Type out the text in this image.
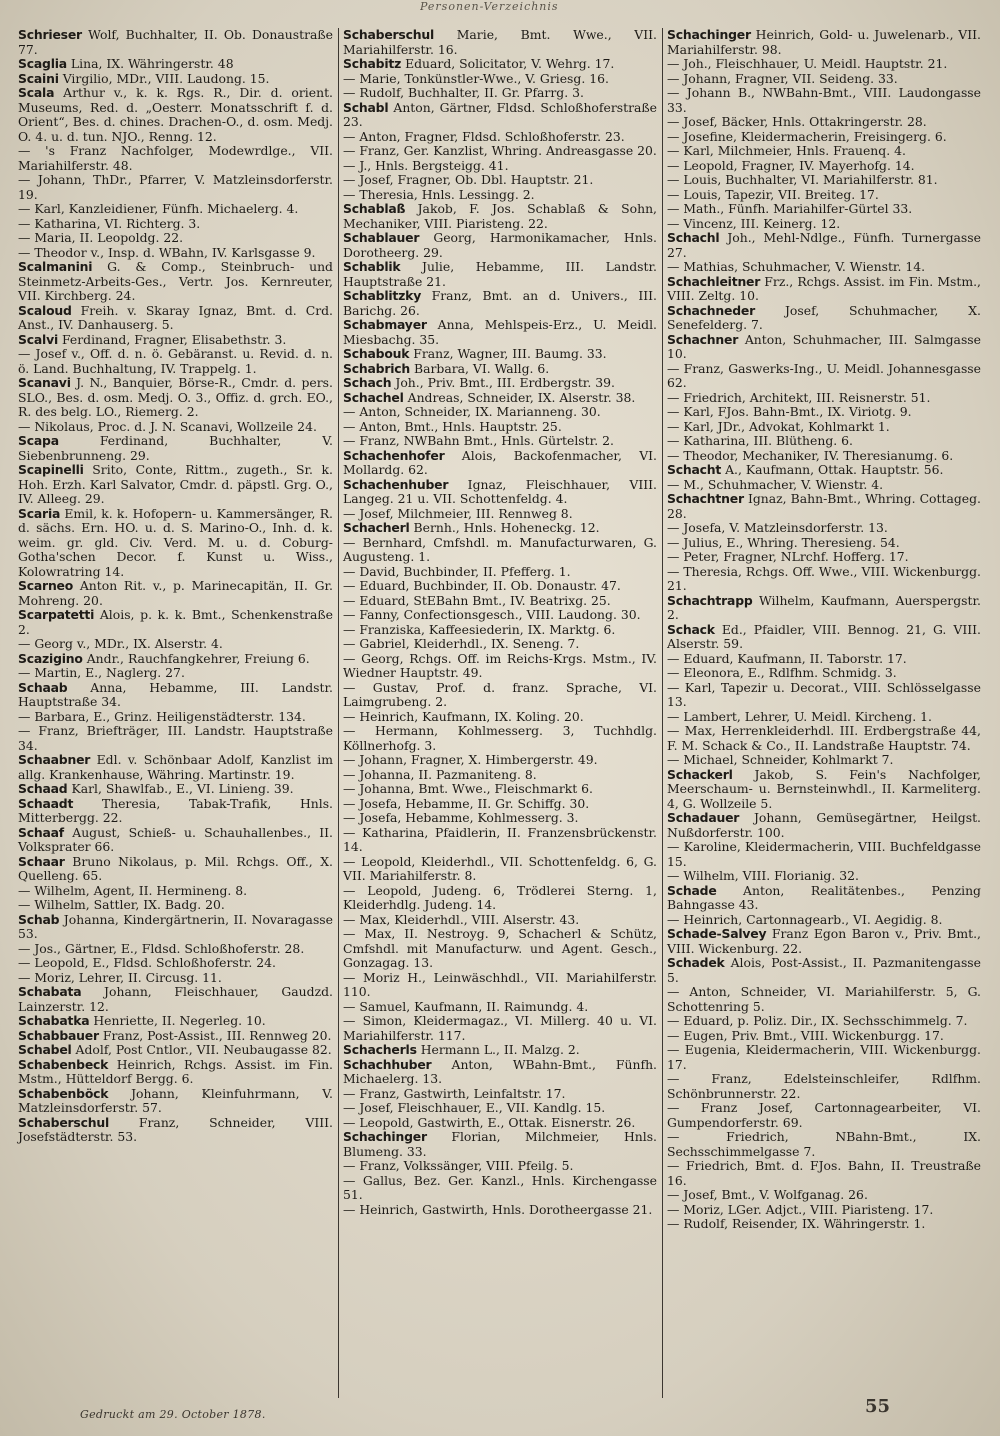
Personen-Verzeichnis

Schrieser Wolf, Buchhalter, II. Ob. Donaustraße 77.

Scaglia Lina, IX. Währingerstr. 48

Scaini Virgilio, MDr., VIII. Laudong. 15.

Scala Arthur v., k. k. Rgs. R., Dir. d. orient. Museums, Red. d. „Oesterr. Monatsschrift f. d. Orient“, Bes. d. chines. Drachen-O., d. osm. Medj. O. 4. u. d. tun. NJO., Renng. 12.

— 's Franz Nachfolger, Modewrdlge., VII. Mariahilferstr. 48.

— Johann, ThDr., Pfarrer, V. Matzleinsdorferstr. 19.

— Karl, Kanzleidiener, Fünfh. Michaelerg. 4.

— Katharina, VI. Richterg. 3.

— Maria, II. Leopoldg. 22.

— Theodor v., Insp. d. WBahn, IV. Karlsgasse 9.

Scalmanini G. & Comp., Steinbruch- und Steinmetz-Arbeits-Ges., Vertr. Jos. Kernreuter, VII. Kirchberg. 24.

Scaloud Freih. v. Skaray Ignaz, Bmt. d. Crd. Anst., IV. Danhauserg. 5.

Scalvi Ferdinand, Fragner, Elisabethstr. 3.

— Josef v., Off. d. n. ö. Gebäranst. u. Revid. d. n. ö. Land. Buchhaltung, IV. Trappelg. 1.

Scanavi J. N., Banquier, Börse-R., Cmdr. d. pers. SLO., Bes. d. osm. Medj. O. 3., Offiz. d. grch. EO., R. des belg. LO., Riemerg. 2.

— Nikolaus, Proc. d. J. N. Scanavi, Wollzeile 24.

Scapa	Ferdinand, Buchhalter, V. Siebenbrunneng. 29.

Scapinelli Srito, Conte, Rittm., zugeth., Sr. k. Hoh. Erzh. Karl Salvator, Cmdr. d. päpstl. Grg. O., IV. Alleeg. 29.

Scaria Emil, k. k. Hofopern- u. Kammersänger, R. d. sächs. Ern. HO. u. d. S. Marino-O., Inh. d. k. weim. gr. gld. Civ. Verd. M. u. d. Coburg-Gotha'schen Decor. f. Kunst u. Wiss., Kolowratring 14.

Scarneo Anton Rit. v., p. Marinecapitän, II. Gr. Mohreng. 20.

Scarpatetti Alois, p. k. k. Bmt., Schenkenstraße 2.

— Georg v., MDr., IX. Alserstr. 4.

Scazigino Andr., Rauchfangkehrer, Freiung 6.

— Martin, E., Naglerg. 27.

Schaab Anna, Hebamme, III. Landstr. Hauptstraße 34.

— Barbara, E., Grinz. Heiligenstädterstr. 134.

— Franz, Briefträger, III. Landstr. Hauptstraße 34.

Schaabner Edl. v. Schönbaar Adolf, Kanzlist im allg. Krankenhause, Währing. Martinstr. 19.

Schaad Karl, Shawlfab., E., VI. Linieng. 39.

Schaadt Theresia, Tabak-Trafik, Hnls. Mitterbergg. 22.

Schaaf August, Schieß- u. Schauhallenbes., II. Volksprater 66.

Schaar Bruno Nikolaus, p. Mil. Rchgs. Off., X. Quelleng. 65.

— Wilhelm, Agent, II. Hermineng. 8.

— Wilhelm, Sattler, IX. Badg. 20.

Schab Johanna, Kindergärtnerin, II. Novaragasse 53.

— Jos., Gärtner, E., Fldsd. Schloßhoferstr. 28.

— Leopold, E., Fldsd. Schloßhoferstr. 24.

— Moriz, Lehrer, II. Circusg. 11.

Schabata Johann, Fleischhauer, Gaudzd. Lainzerstr. 12.

Schabatka Henriette, II. Negerleg. 10.

Schabbauer Franz, Post-Assist., III. Rennweg 20.

Schabel Adolf, Post Cntlor., VII. Neubaugasse 82.

Schabenbeck Heinrich, Rchgs. Assist. im Fin. Mstm., Hütteldorf Bergg. 6.

Schabenböck Johann, Kleinfuhrmann, V. Matzleinsdorferstr. 57.

Schaberschul Franz, Schneider, VIII. Josefstädterstr. 53.

Schaberschul Marie, Bmt. Wwe., VII. Mariahilferstr. 16.

Schabitz Eduard, Solicitator, V. Wehrg. 17.

— Marie, Tonkünstler-Wwe., V. Griesg. 16.

— Rudolf, Buchhalter, II. Gr. Pfarrg. 3.

Schabl Anton, Gärtner, Fldsd. Schloßhoferstraße 23.

— Anton, Fragner, Fldsd. Schloßhoferstr. 23.

— Franz, Ger. Kanzlist, Whring. Andreasgasse 20.

— J., Hnls. Bergsteigg. 41.

— Josef, Fragner, Ob. Dbl. Hauptstr. 21.

— Theresia, Hnls. Lessingg. 2.

Schablaß Jakob, F. Jos. Schablaß & Sohn, Mechaniker, VIII. Piaristeng. 22.

Schablauer Georg, Harmonikamacher, Hnls. Dorotheerg. 29.

Schablik Julie, Hebamme, III. Landstr. Hauptstraße 21.

Schablitzky Franz, Bmt. an d. Univers., III. Barichg. 26.

Schabmayer Anna, Mehlspeis-Erz., U. Meidl. Miesbachg. 35.

Schabouk Franz, Wagner, III. Baumg. 33.

Schabrich Barbara, VI. Wallg. 6.

Schach Joh., Priv. Bmt., III. Erdbergstr. 39.

Schachel Andreas, Schneider, IX. Alserstr. 38.

— Anton, Schneider, IX. Marianneng. 30.

— Anton, Bmt., Hnls. Hauptstr. 25.

— Franz, NWBahn Bmt., Hnls. Gürtelstr. 2.

Schachenhofer Alois, Backofenmacher, VI. Mollardg. 62.

Schachenhuber Ignaz, Fleischhauer, VIII. Langeg. 21 u. VII. Schottenfeldg. 4.

— Josef, Milchmeier, III. Rennweg 8.

Schacherl Bernh., Hnls. Hoheneckg. 12.

— Bernhard, Cmfshdl. m. Manufacturwaren, G. Augusteng. 1.

— David, Buchbinder, II. Pfefferg. 1.

— Eduard, Buchbinder, II. Ob. Donaustr. 47.

— Eduard, StEBahn Bmt., IV. Beatrixg. 25.

— Fanny, Confectionsgesch., VIII. Laudong. 30.

— Franziska, Kaffeesiederin, IX. Marktg. 6.

— Gabriel, Kleiderhdl., IX. Seneng. 7.

— Georg, Rchgs. Off. im Reichs-Krgs. Mstm., IV. Wiedner Hauptstr. 49.

— Gustav, Prof. d. franz. Sprache, VI. Laimgrubeng. 2.

— Heinrich, Kaufmann, IX. Koling. 20.

— Hermann, Kohlmesserg. 3, Tuchhdlg. Köllnerhofg. 3.

— Johann, Fragner, X. Himbergerstr. 49.

— Johanna, II. Pazmaniteng. 8.

— Johanna, Bmt. Wwe., Fleischmarkt 6.

— Josefa, Hebamme, II. Gr. Schiffg. 30.

— Josefa, Hebamme, Kohlmesserg. 3.

— Katharina, Pfaidlerin, II. Franzensbrückenstr. 14.

— Leopold, Kleiderhdl., VII. Schottenfeldg. 6, G. VII. Mariahilferstr. 8.

— Leopold, Judeng. 6, Trödlerei Sterng. 1, Kleiderhdlg. Judeng. 14.

— Max, Kleiderhdl., VIII. Alserstr. 43.

— Max, II. Nestroyg. 9, Schacherl & Schütz, Cmfshdl. mit Manufacturw. und Agent. Gesch., Gonzagag. 13.

— Moriz H., Leinwäschhdl., VII. Mariahilferstr. 110.

— Samuel, Kaufmann, II. Raimundg. 4.

— Simon, Kleidermagaz., VI. Millerg. 40 u. VI. Mariahilferstr. 117.

Schacherls Hermann L., II. Malzg. 2.

Schachhuber Anton, WBahn-Bmt., Fünfh. Michaelerg. 13.

— Franz, Gastwirth, Leinfaltstr. 17.

— Josef, Fleischhauer, E., VII. Kandlg. 15.

— Leopold, Gastwirth, E., Ottak. Eisnerstr. 26.

Schachinger Florian, Milchmeier, Hnls. Blumeng. 33.

— Franz, Volkssänger, VIII. Pfeilg. 5.

— Gallus, Bez. Ger. Kanzl., Hnls. Kirchengasse 51.

— Heinrich, Gastwirth, Hnls. Dorotheergasse 21.

Schachinger Heinrich, Gold- u. Juwelenarb., VII. Mariahilferstr. 98.

— Joh., Fleischhauer, U. Meidl. Hauptstr. 21.

— Johann, Fragner, VII. Seideng. 33.

— Johann B., NWBahn-Bmt., VIII. Laudongasse 33.

— Josef, Bäcker, Hnls. Ottakringerstr. 28.

— Josefine, Kleidermacherin, Freisingerg. 6.

— Karl, Milchmeier, Hnls. Frauenq. 4.

— Leopold, Fragner, IV. Mayerhofg. 14.

— Louis, Buchhalter, VI. Mariahilferstr. 81.

— Louis, Tapezir, VII. Breiteg. 17.

— Math., Fünfh. Mariahilfer-Gürtel 33.

— Vincenz, III. Keinerg. 12.

Schachl Joh., Mehl-Ndlge., Fünfh. Turnergasse 27.

— Mathias, Schuhmacher, V. Wienstr. 14.

Schachleitner Frz., Rchgs. Assist. im Fin. Mstm., VIII. Zeltg. 10.

Schachneder Josef, Schuhmacher, X. Senefelderg. 7.

Schachner Anton, Schuhmacher, III. Salmgasse 10.

— Franz, Gaswerks-Ing., U. Meidl. Johannesgasse 62.

— Friedrich, Architekt, III. Reisnerstr. 51.

— Karl, FJos. Bahn-Bmt., IX. Viriotg. 9.

— Karl, JDr., Advokat, Kohlmarkt 1.

— Katharina, III. Blütheng. 6.

— Theodor, Mechaniker, IV. Theresianumg. 6.

Schacht A., Kaufmann, Ottak. Hauptstr. 56.

— M., Schuhmacher, V. Wienstr. 4.

Schachtner Ignaz, Bahn-Bmt., Whring. Cottageg. 28.

— Josefa, V. Matzleinsdorferstr. 13.

— Julius, E., Whring. Theresieng. 54.

— Peter, Fragner, NLrchf. Hofferg. 17.

— Theresia, Rchgs. Off. Wwe., VIII. Wickenburgg. 21.

Schachtrapp Wilhelm, Kaufmann, Auerspergstr. 2.

Schack Ed., Pfaidler, VIII. Bennog. 21, G. VIII. Alserstr. 59.

— Eduard, Kaufmann, II. Taborstr. 17.

— Eleonora, E., Rdlfhm. Schmidg. 3.

— Karl, Tapezir u. Decorat., VIII. Schlösselgasse 13.

— Lambert, Lehrer, U. Meidl. Kircheng. 1.

— Max, Herrenkleiderhdl. III. Erdbergstraße 44, F. M. Schack & Co., II. Landstraße Hauptstr. 74.

— Michael, Schneider, Kohlmarkt 7.

Schackerl Jakob, S. Fein's Nachfolger, Meerschaum- u. Bernsteinwhdl., II. Karmeliterg. 4, G. Wollzeile 5.

Schadauer Johann, Gemüsegärtner, Heilgst. Nußdorferstr. 100.

— Karoline, Kleidermacherin, VIII. Buchfeldgasse 15.

— Wilhelm, VIII. Florianig. 32.

Schade Anton, Realitätenbes., Penzing Bahngasse 43.

— Heinrich, Cartonnagearb., VI. Aegidig. 8.

Schade-Salvey Franz Egon Baron v., Priv. Bmt., VIII. Wickenburg. 22.

Schadek Alois, Post-Assist., II. Pazmanitengasse 5.

— Anton, Schneider, VI. Mariahilferstr. 5, G. Schottenring 5.

— Eduard, p. Poliz. Dir., IX. Sechsschimmelg. 7.

— Eugen, Priv. Bmt., VIII. Wickenburgg. 17.

— Eugenia, Kleidermacherin, VIII. Wickenburgg. 17.

— Franz, Edelsteinschleifer, Rdlfhm. Schönbrunnerstr. 22.

— Franz Josef, Cartonnagearbeiter, VI. Gumpendorferstr. 69.

— Friedrich, NBahn-Bmt., IX. Sechsschimmelgasse 7.

— Friedrich, Bmt. d. FJos. Bahn, II. Treustraße 16.

— Josef, Bmt., V. Wolfganag. 26.

— Moriz, LGer. Adjct., VIII. Piaristeng. 17.

— Rudolf, Reisender, IX. Währingerstr. 1.

Gedruckt am 29. October 1878.	55
